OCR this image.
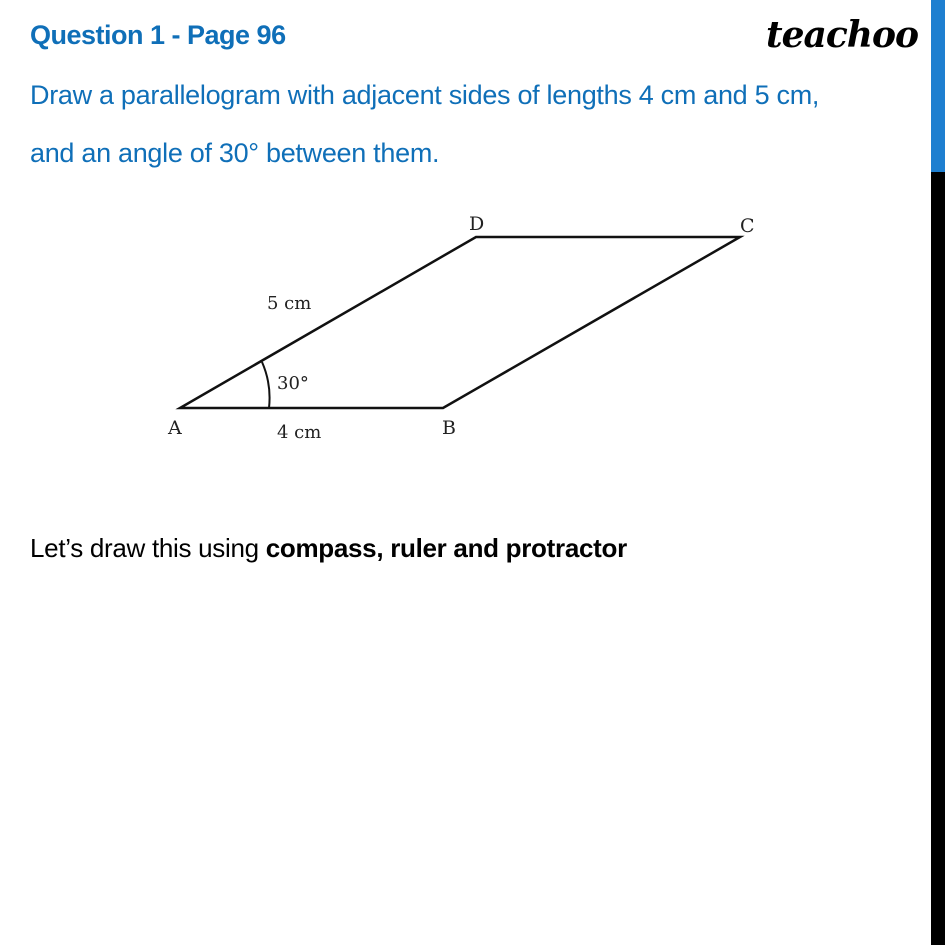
Question 1 - Page 96	teachoo
Draw a parallelogram with adjacent sides of lengths 4 cm and 5 cm,
and an angle of 30° between them.
A	B
C
D
5 cm
4 cm
30°
Let’s draw this using compass, ruler and protractor
